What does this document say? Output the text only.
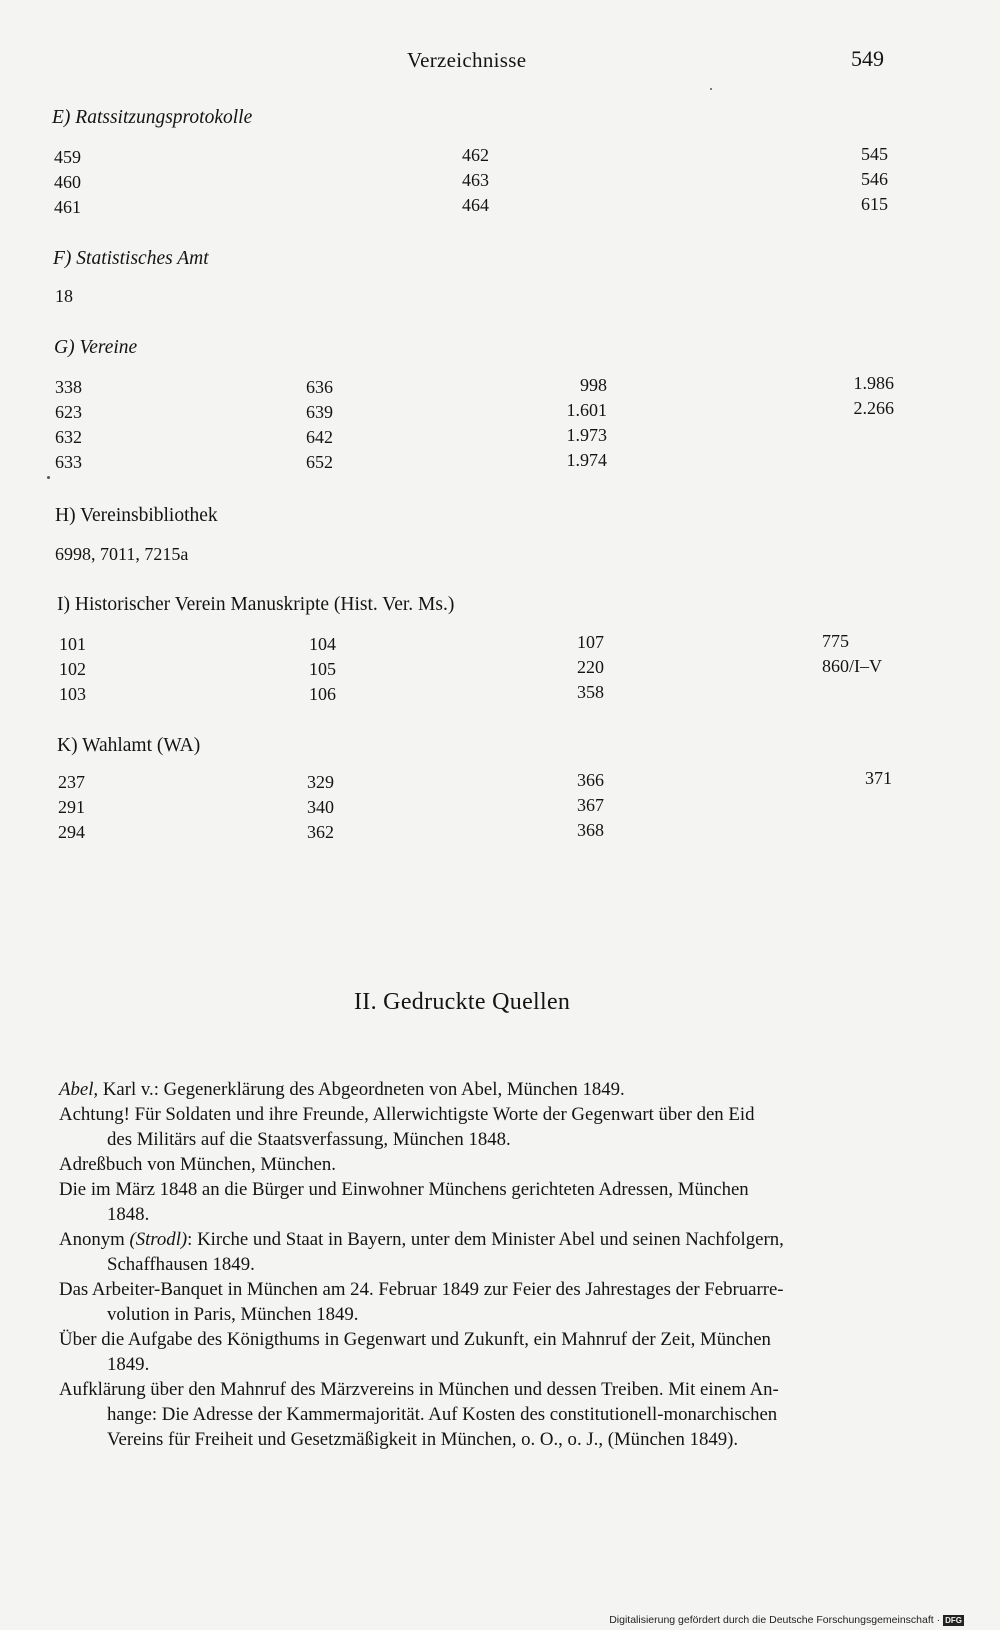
Verzeichnisse	549
E) Ratssitzungsprotokolle
459
460
461
462
463
464
545
546
615
F) Statistisches Amt
18
G) Vereine
338
623
632
633
636
639
642
652
998
1.601
1.973
1.974
1.986
2.266
H) Vereinsbibliothek
6998, 7011, 7215a
I) Historischer Verein Manuskripte (Hist. Ver. Ms.)
101
102
103
104
105
106
107
220
358
775
860/I–V
K) Wahlamt (WA)
237
291
294
329
340
362
366
367
368
371
II. Gedruckte Quellen
Abel, Karl v.: Gegenerklärung des Abgeordneten von Abel, München 1849.
Achtung! Für Soldaten und ihre Freunde, Allerwichtigste Worte der Gegenwart über den Eid
des Militärs auf die Staatsverfassung, München 1848.
Adreßbuch von München, München.
Die im März 1848 an die Bürger und Einwohner Münchens gerichteten Adressen, München
1848.
Anonym (Strodl): Kirche und Staat in Bayern, unter dem Minister Abel und seinen Nachfolgern,
Schaffhausen 1849.
Das Arbeiter-Banquet in München am 24. Februar 1849 zur Feier des Jahrestages der Februarre-
volution in Paris, München 1849.
Über die Aufgabe des Königthums in Gegenwart und Zukunft, ein Mahnruf der Zeit, München
1849.
Aufklärung über den Mahnruf des Märzvereins in München und dessen Treiben. Mit einem An-
hange: Die Adresse der Kammermajorität. Auf Kosten des constitutionell-monarchischen
Vereins für Freiheit und Gesetzmäßigkeit in München, o. O., o. J., (München 1849).
Digitalisierung gefördert durch die Deutsche Forschungsgemeinschaft · DFG
